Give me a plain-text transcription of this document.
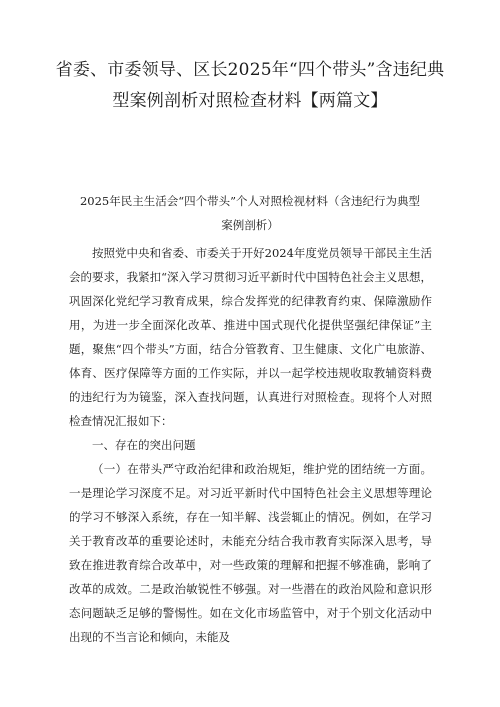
省委、市委领导、区长2025年“四个带头”含违纪典
型案例剖析对照检查材料【两篇文】
2025年民主生活会“四个带头”个人对照检视材料（含违纪行为典型
案例剖析）

按照党中央和省委、市委关于开好2024年度党员领导干部民主生活会的要求，我紧扣“深入学习贯彻习近平新时代中国特色社会主义思想，巩固深化党纪学习教育成果，综合发挥党的纪律教育约束、保障激励作用，为进一步全面深化改革、推进中国式现代化提供坚强纪律保证”主题，聚焦“四个带头”方面，结合分管教育、卫生健康、文化广电旅游、体育、医疗保障等方面的工作实际，并以一起学校违规收取教辅资料费的违纪行为为镜鉴，深入查找问题，认真进行对照检查。现将个人对照检查情况汇报如下：

一、存在的突出问题

（一）在带头严守政治纪律和政治规矩，维护党的团结统一方面。一是理论学习深度不足。对习近平新时代中国特色社会主义思想等理论的学习不够深入系统，存在一知半解、浅尝辄止的情况。例如，在学习关于教育改革的重要论述时，未能充分结合我市教育实际深入思考，导致在推进教育综合改革中，对一些政策的理解和把握不够准确，影响了改革的成效。二是政治敏锐性不够强。对一些潜在的政治风险和意识形态问题缺乏足够的警惕性。如在文化市场监管中，对于个别文化活动中出现的不当言论和倾向，未能及
